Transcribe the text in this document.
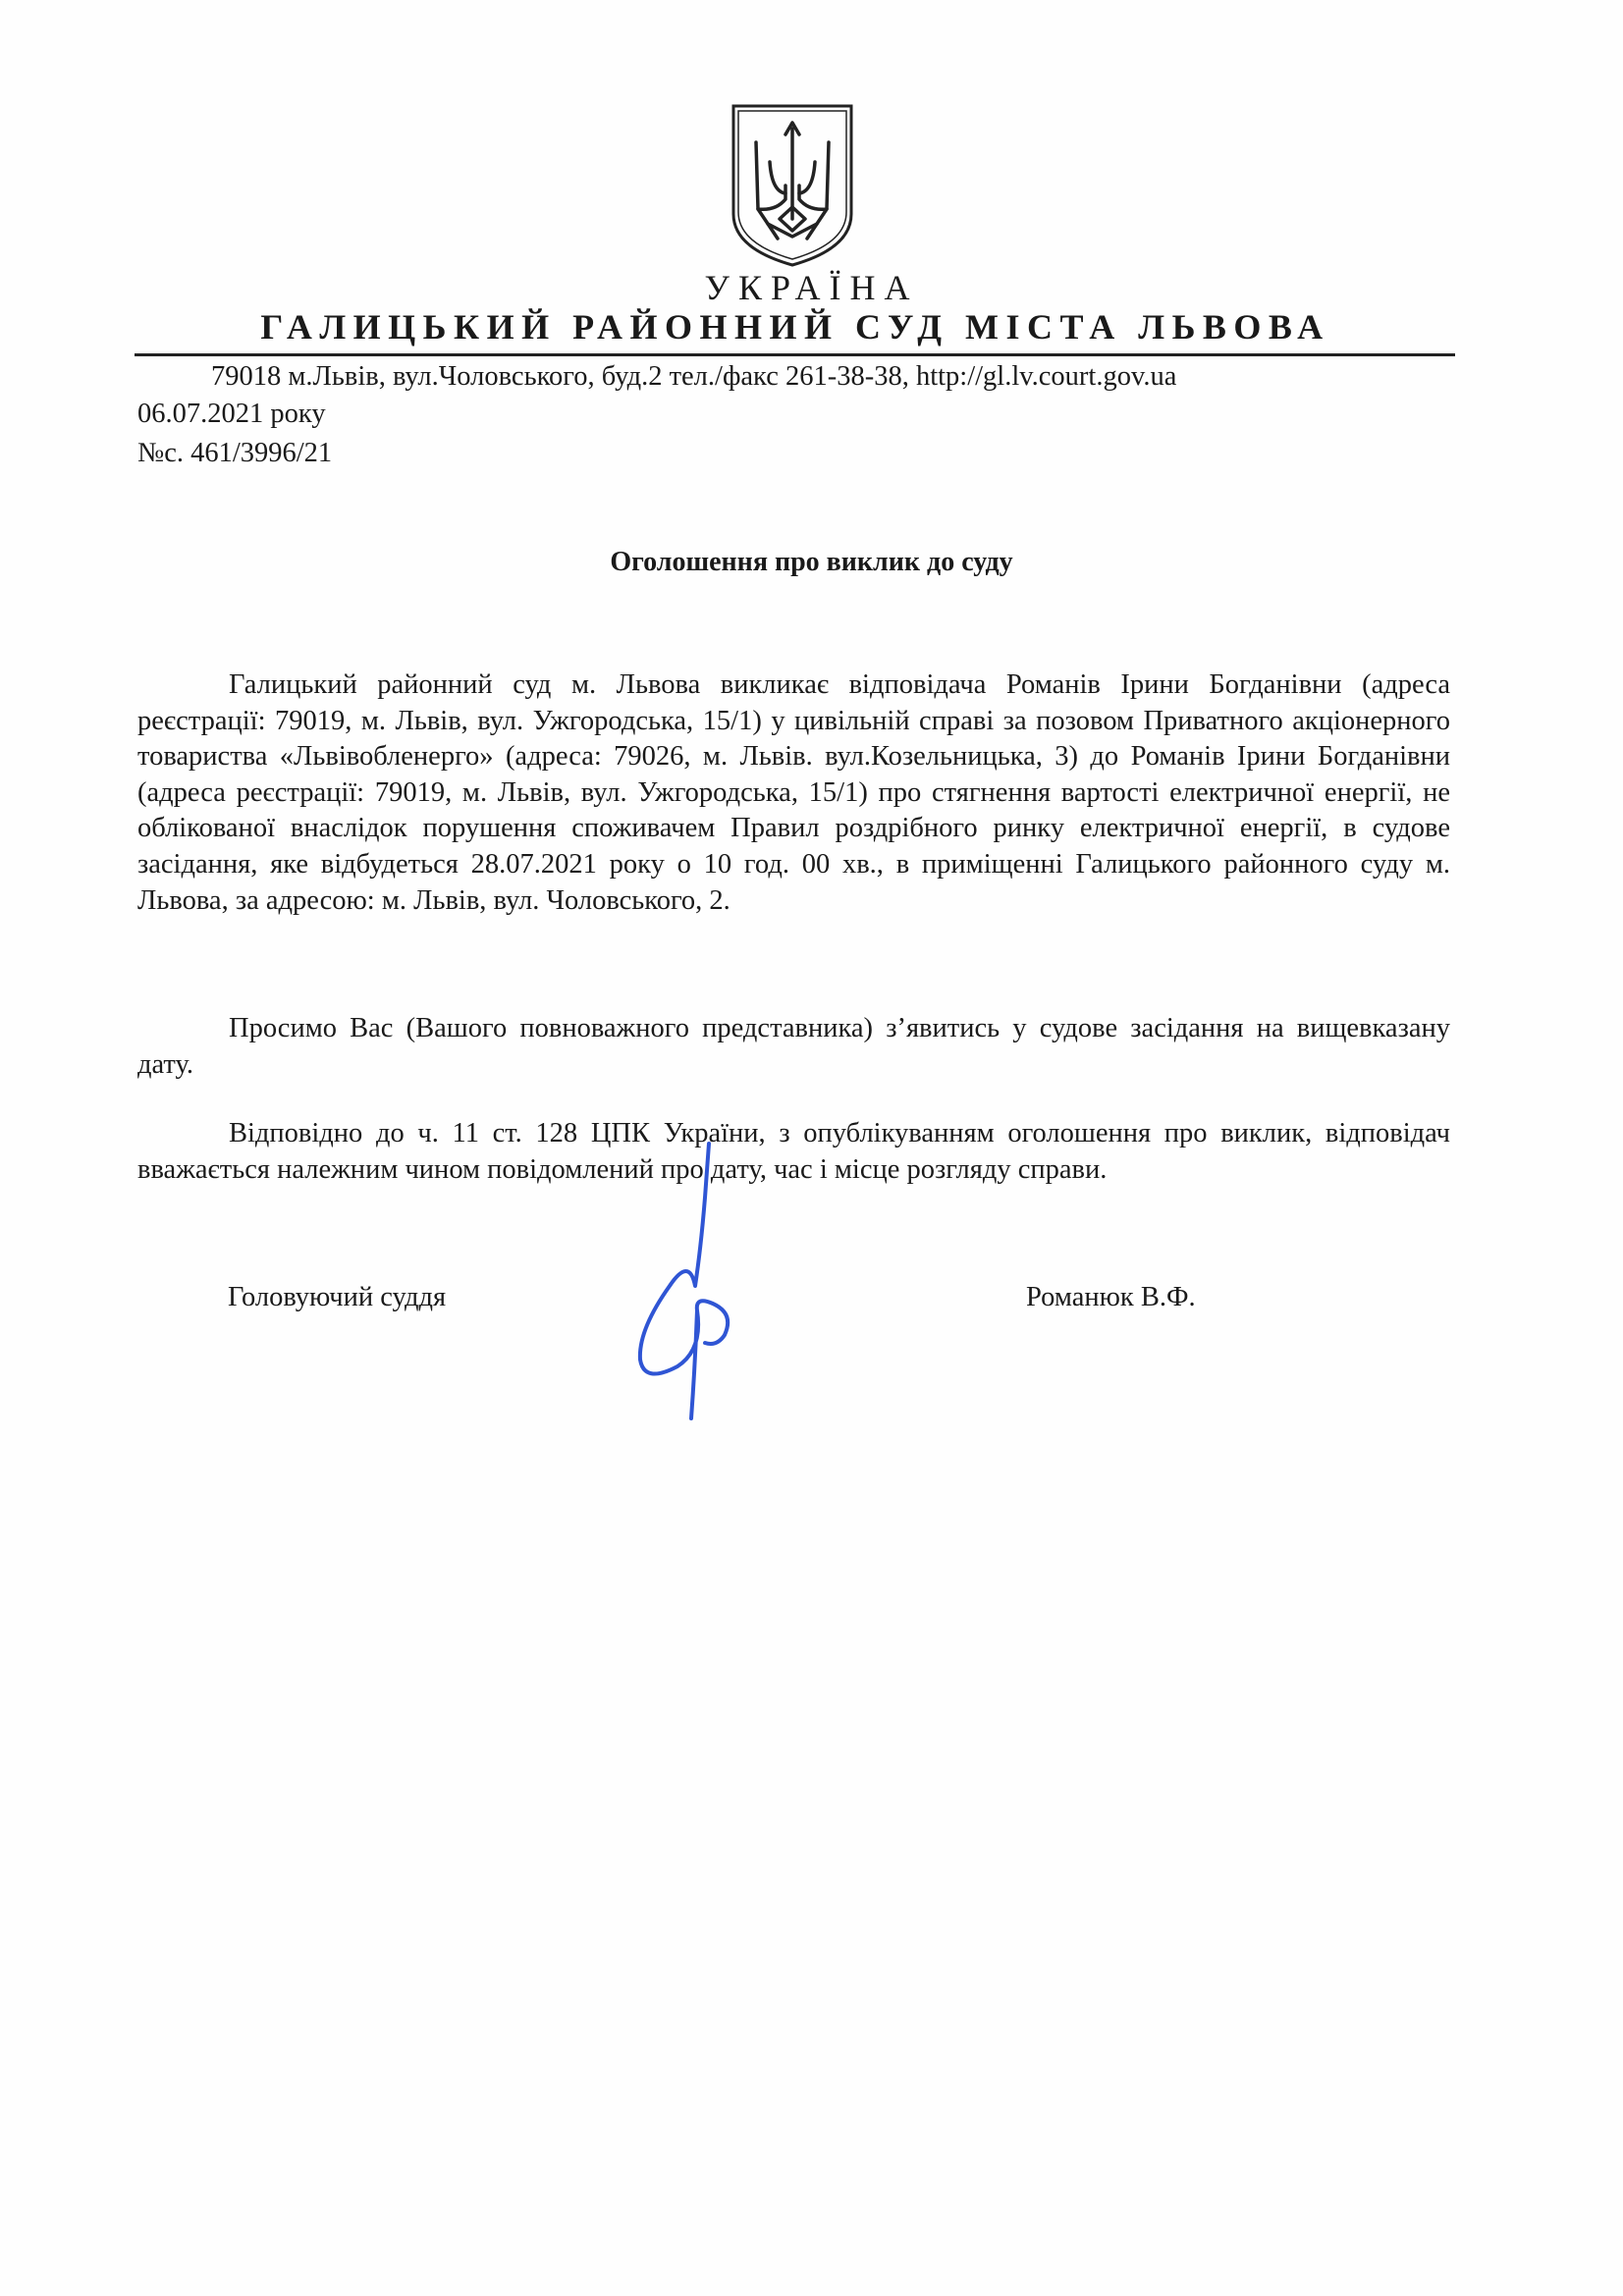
УКРАЇНА
ГАЛИЦЬКИЙ РАЙОННИЙ СУД МІСТА ЛЬВОВА
79018 м.Львів, вул.Чоловського, буд.2 тел./факс 261-38-38, http://gl.lv.court.gov.ua
06.07.2021 року
№с. 461/3996/21
Оголошення про виклик до суду

Галицький районний суд м. Львова викликає відповідача Романів Ірини Богданівни (адреса реєстрації: 79019, м. Львів, вул. Ужгородська, 15/1) у цивільній справі за позовом Приватного акціонерного товариства «Львівобленерго» (адреса: 79026, м. Львів. вул.Козельницька, 3) до Романів Ірини Богданівни (адреса реєстрації: 79019, м. Львів, вул. Ужгородська, 15/1) про стягнення вартості електричної енергії, не облікованої внаслідок порушення споживачем Правил роздрібного ринку електричної енергії, в судове засідання, яке відбудеться 28.07.2021 року о 10 год. 00 хв., в приміщенні Галицького районного суду м. Львова, за адресою: м. Львів, вул. Чоловського, 2.

Просимо Вас (Вашого повноважного представника) з’явитись у судове засідання на вищевказану дату.

Відповідно до ч. 11 ст. 128 ЦПК України, з опублікуванням оголошення про виклик, відповідач вважається належним чином повідомлений про дату, час і місце розгляду справи.

Головуючий суддя	Романюк В.Ф.
